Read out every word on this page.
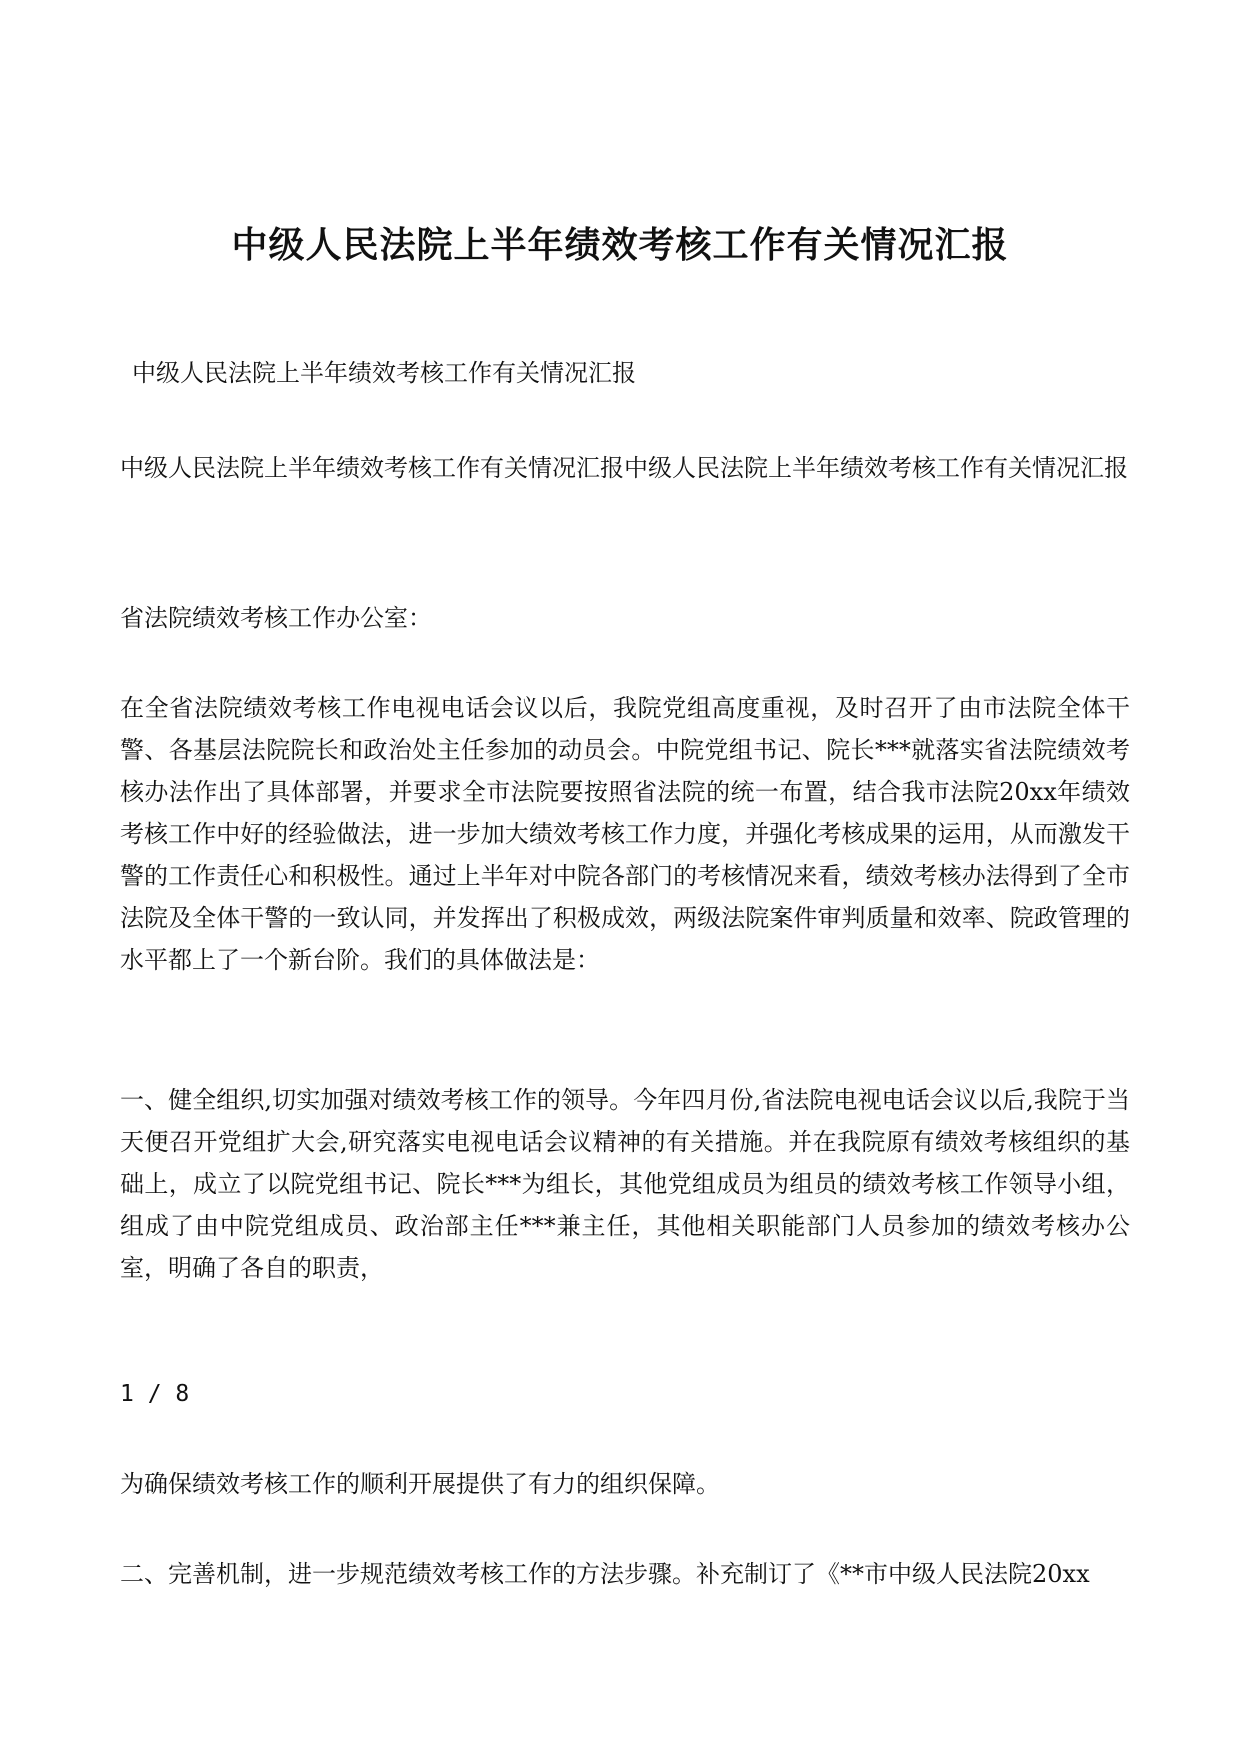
中级人民法院上半年绩效考核工作有关情况汇报

中级人民法院上半年绩效考核工作有关情况汇报

中级人民法院上半年绩效考核工作有关情况汇报中级人民法院上半年绩效考核工作有关情况汇报

省法院绩效考核工作办公室：

在全省法院绩效考核工作电视电话会议以后，我院党组高度重视，及时召开了由市法院全体干警、各基层法院院长和政治处主任参加的动员会。中院党组书记、院长***就落实省法院绩效考核办法作出了具体部署，并要求全市法院要按照省法院的统一布置，结合我市法院20xx年绩效考核工作中好的经验做法，进一步加大绩效考核工作力度，并强化考核成果的运用，从而激发干警的工作责任心和积极性。通过上半年对中院各部门的考核情况来看，绩效考核办法得到了全市法院及全体干警的一致认同，并发挥出了积极成效，两级法院案件审判质量和效率、院政管理的水平都上了一个新台阶。我们的具体做法是：

一、健全组织,切实加强对绩效考核工作的领导。今年四月份,省法院电视电话会议以后,我院于当天便召开党组扩大会,研究落实电视电话会议精神的有关措施。并在我院原有绩效考核组织的基础上，成立了以院党组书记、院长***为组长，其他党组成员为组员的绩效考核工作领导小组，组成了由中院党组成员、政治部主任***兼主任，其他相关职能部门人员参加的绩效考核办公室，明确了各自的职责，

1 / 8

为确保绩效考核工作的顺利开展提供了有力的组织保障。

二、完善机制，进一步规范绩效考核工作的方法步骤。补充制订了《**市中级人民法院20xx
